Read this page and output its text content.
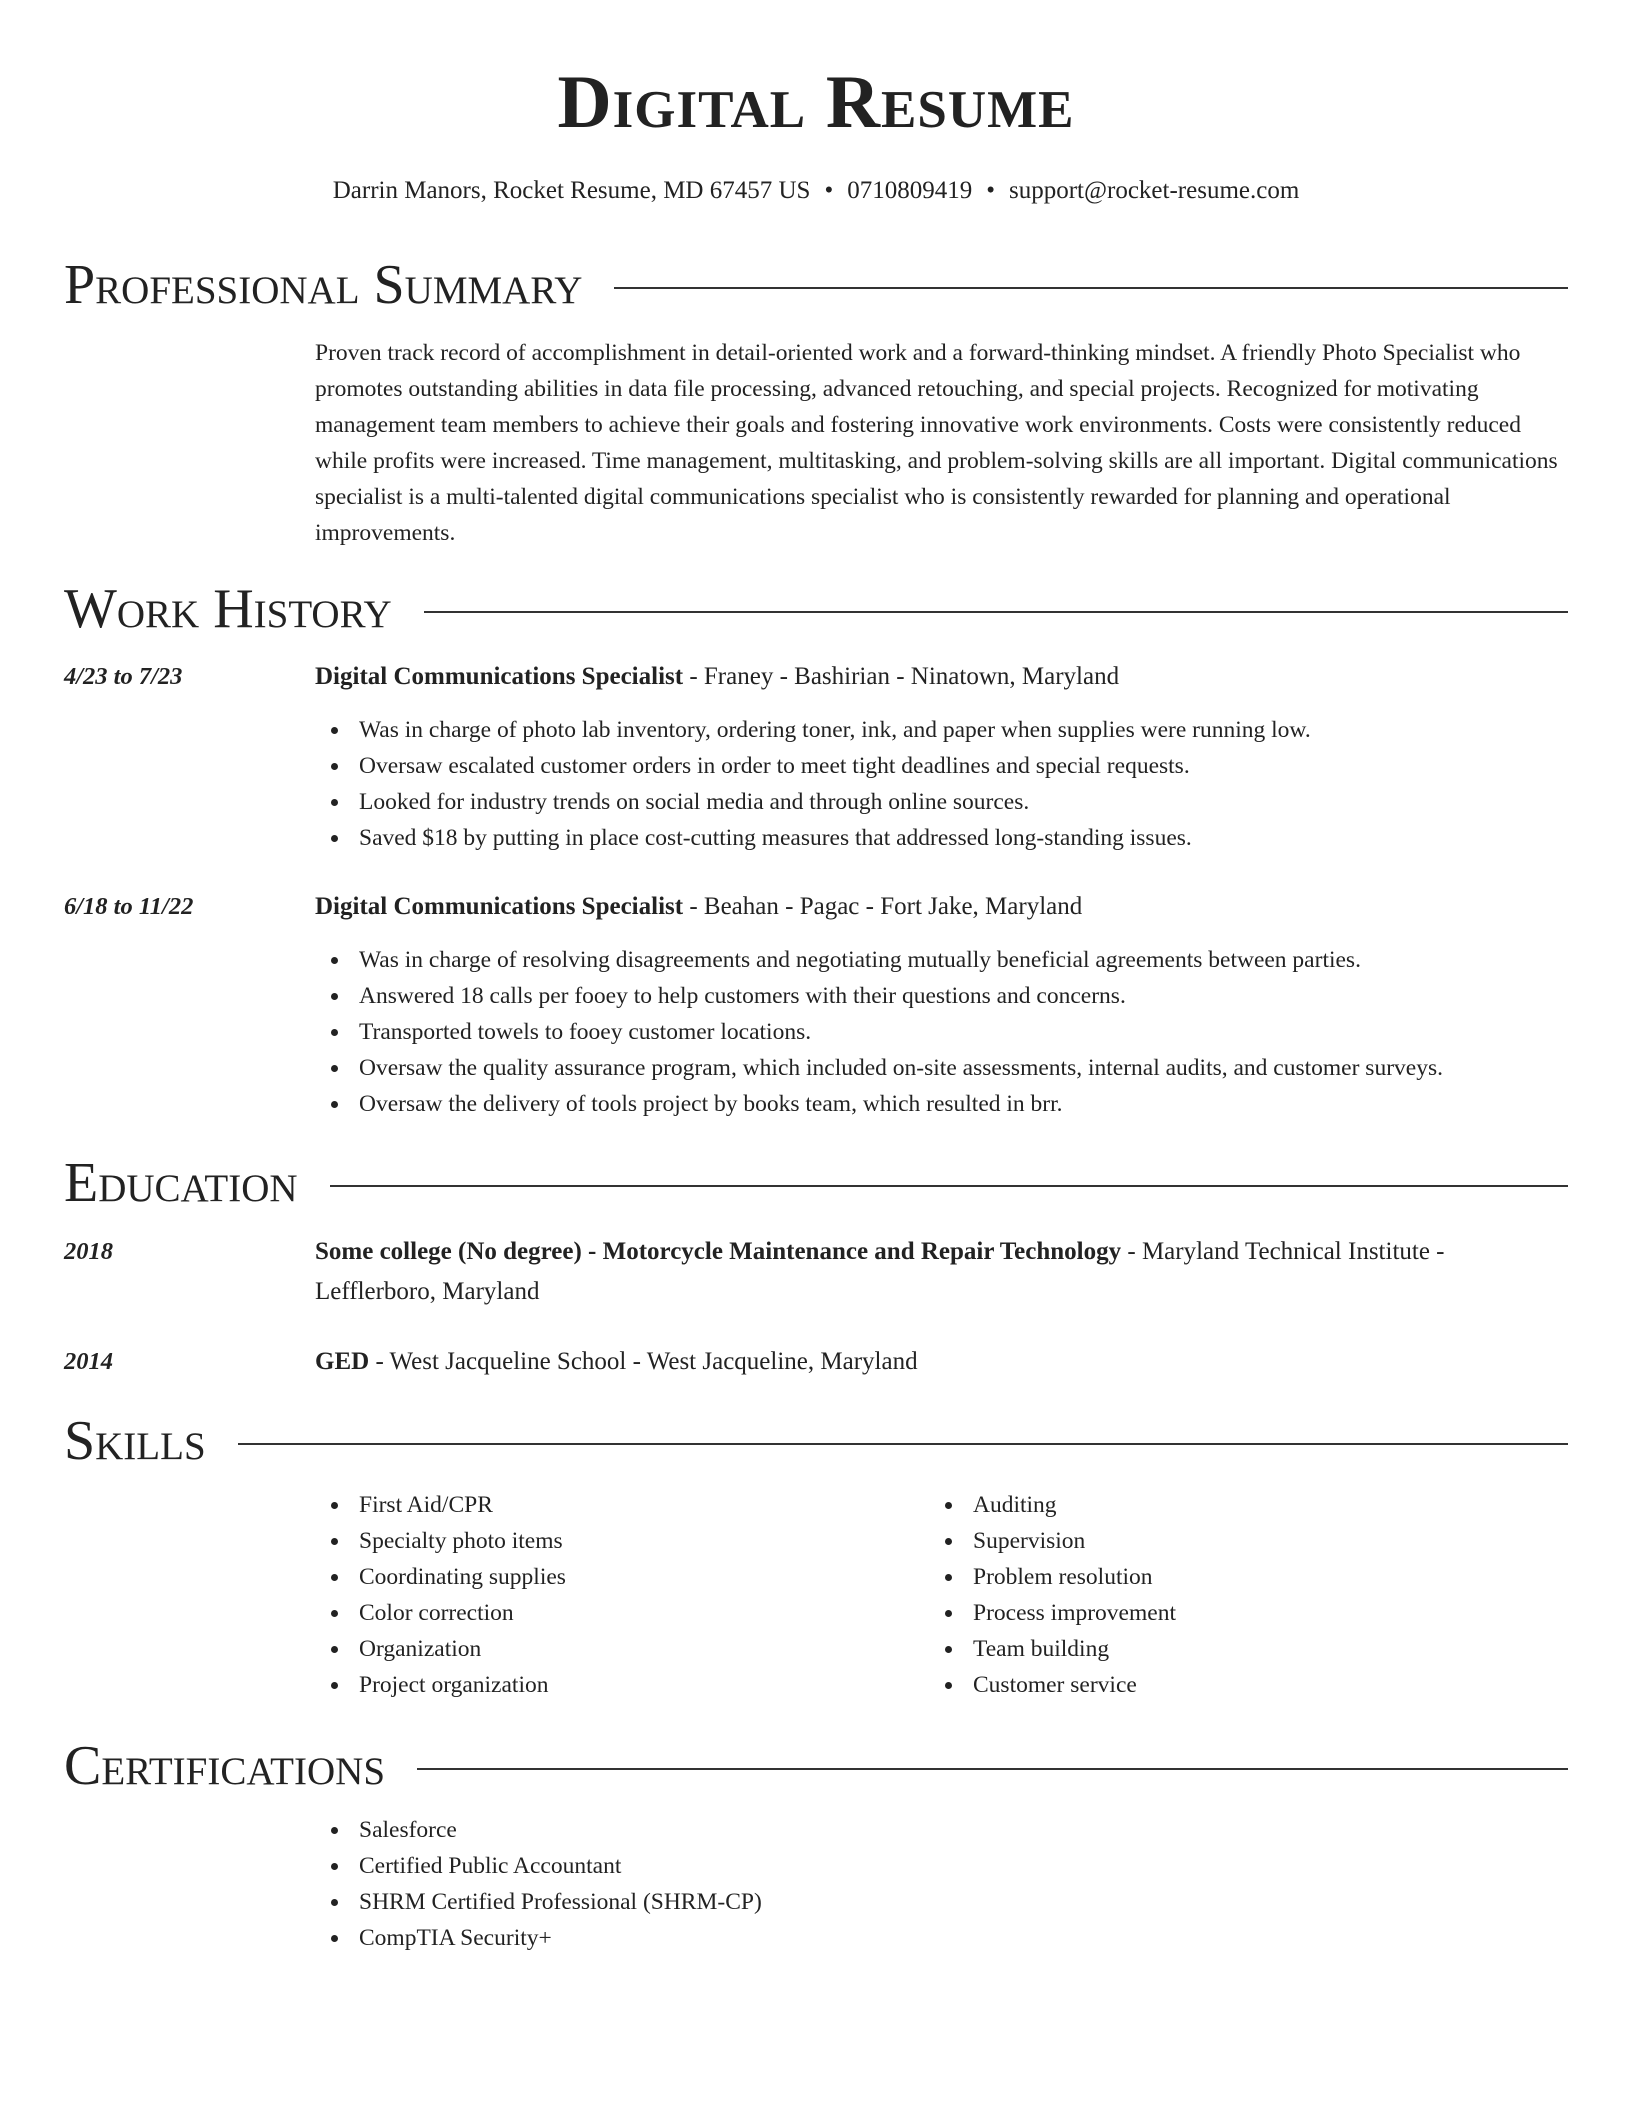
Digital Resume
Darrin Manors, Rocket Resume, MD 67457 US • 0710809419 • support@rocket-resume.com
Professional Summary

Proven track record of accomplishment in detail-oriented work and a forward-thinking mindset. A friendly Photo Specialist who promotes outstanding abilities in data file processing, advanced retouching, and special projects. Recognized for motivating management team members to achieve their goals and fostering innovative work environments. Costs were consistently reduced while profits were increased. Time management, multitasking, and problem-solving skills are all important. Digital communications specialist is a multi-talented digital communications specialist who is consistently rewarded for planning and operational improvements.

Work History
4/23 to 7/23	Digital Communications Specialist - Franey - Bashirian - Ninatown, Maryland
Was in charge of photo lab inventory, ordering toner, ink, and paper when supplies were running low.
Oversaw escalated customer orders in order to meet tight deadlines and special requests.
Looked for industry trends on social media and through online sources.
Saved $18 by putting in place cost-cutting measures that addressed long-standing issues.
6/18 to 11/22	Digital Communications Specialist - Beahan - Pagac - Fort Jake, Maryland
Was in charge of resolving disagreements and negotiating mutually beneficial agreements between parties.
Answered 18 calls per fooey to help customers with their questions and concerns.
Transported towels to fooey customer locations.
Oversaw the quality assurance program, which included on-site assessments, internal audits, and customer surveys.
Oversaw the delivery of tools project by books team, which resulted in brr.
Education
2018	Some college (No degree) - Motorcycle Maintenance and Repair Technology - Maryland Technical Institute - Lefflerboro, Maryland
2014	GED - West Jacqueline School - West Jacqueline, Maryland
Skills
First Aid/CPR
Specialty photo items
Coordinating supplies
Color correction
Organization
Project organization
Auditing
Supervision
Problem resolution
Process improvement
Team building
Customer service
Certifications
Salesforce
Certified Public Accountant
SHRM Certified Professional (SHRM-CP)
CompTIA Security+
